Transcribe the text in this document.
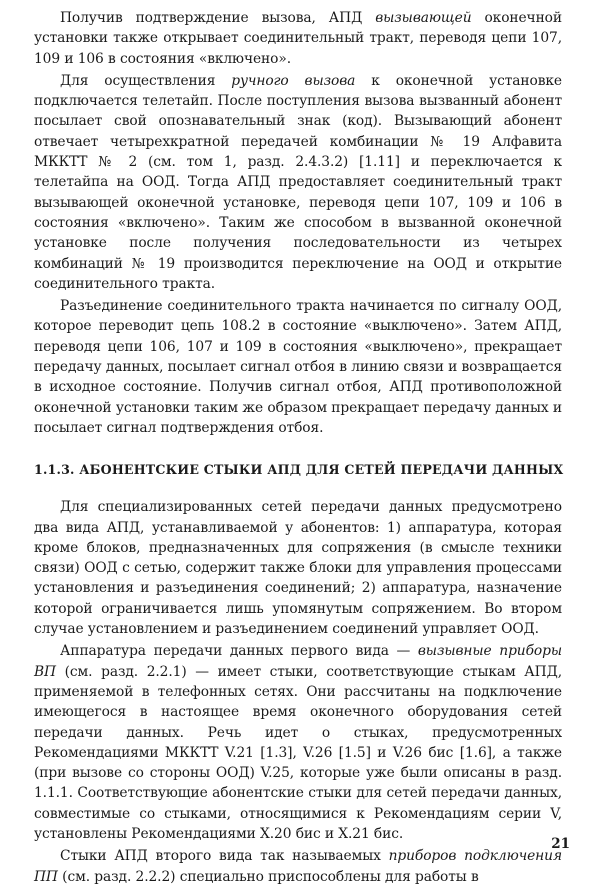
Получив подтверждение вызова, АПД вызывающей оконечной установки также открывает соединительный тракт, переводя цепи 107, 109 и 106 в состояния «включено».

Для осуществления ручного вызова к оконечной установке подключается телетайп. После поступления вызова вызванный абонент посылает свой опознавательный знак (код). Вызывающий абонент отвечает четырехкратной передачей комбинации № 19 Алфавита МККТТ № 2 (см. том 1, разд. 2.4.3.2) [1.11] и переключается к телетайпа на ООД. Тогда АПД предоставляет соединительный тракт вызывающей оконечной установке, переводя цепи 107, 109 и 106 в состояния «включено». Таким же способом в вызванной оконечной установке после получения последовательности из четырех комбинаций № 19 производится переключение на ООД и открытие соединительного тракта.

Разъединение соединительного тракта начинается по сигналу ООД, которое переводит цепь 108.2 в состояние «выключено». Затем АПД, переводя цепи 106, 107 и 109 в состояния «выключено», прекращает передачу данных, посылает сигнал отбоя в линию связи и возвращается в исходное состояние. Получив сигнал отбоя, АПД противоположной оконечной установки таким же образом прекращает передачу данных и посылает сигнал подтверждения отбоя.

1.1.3. АБОНЕНТСКИЕ СТЫКИ АПД ДЛЯ СЕТЕЙ ПЕРЕДАЧИ ДАННЫХ

Для специализированных сетей передачи данных предусмотрено два вида АПД, устанавливаемой у абонентов: 1) аппаратура, которая кроме блоков, предназначенных для сопряжения (в смысле техники связи) ООД с сетью, содержит также блоки для управления процессами установления и разъединения соединений; 2) аппаратура, назначение которой ограничивается лишь упомянутым сопряжением. Во втором случае установлением и разъединением соединений управляет ООД.

Аппаратура передачи данных первого вида — вызывные приборы ВП (см. разд. 2.2.1) — имеет стыки, соответствующие стыкам АПД, применяемой в телефонных сетях. Они рассчитаны на подключение имеющегося в настоящее время оконечного оборудования сетей передачи данных. Речь идет о стыках, предусмотренных Рекомендациями МККТТ V.21 [1.3], V.26 [1.5] и V.26 бис [1.6], а также (при вызове со стороны ООД) V.25, которые уже были описаны в разд. 1.1.1. Соответствующие абонентские стыки для сетей передачи данных, совместимые со стыками, относящимися к Рекомендациям серии V, установлены Рекомендациями X.20 бис и X.21 бис.

Стыки АПД второго вида так называемых приборов подключения ПП (см. разд. 2.2.2) специально приспособлены для работы в

21
